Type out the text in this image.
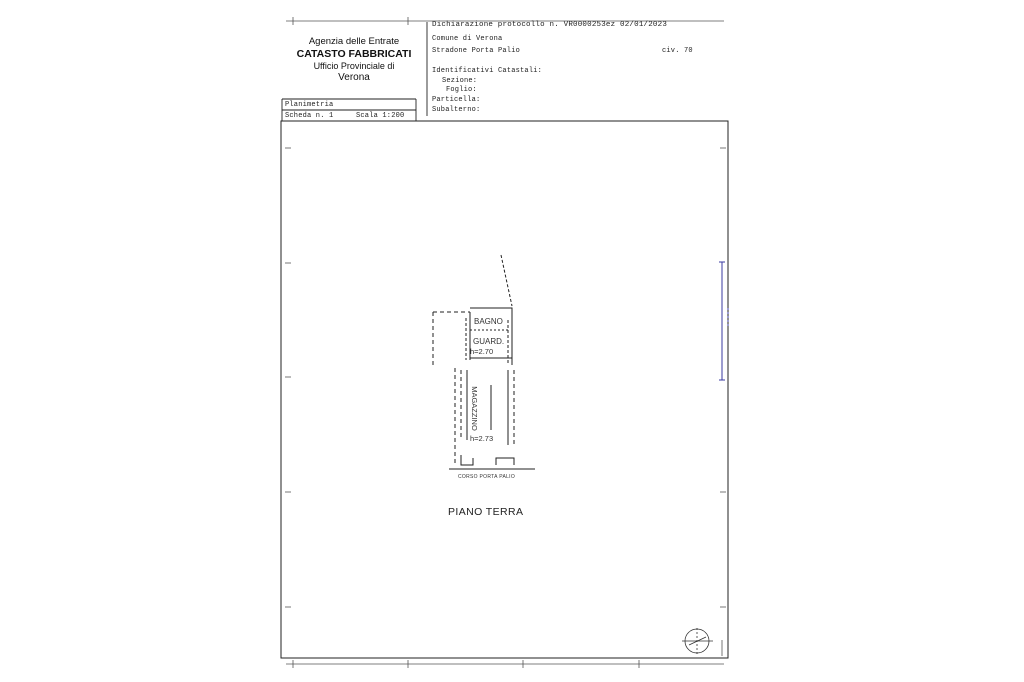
Agenzia delle Entrate
CATASTO FABBRICATI
Ufficio Provinciale di
Verona
Dichiarazione protocollo n. VR0000253ez 02/01/2023
Comune di Verona
Stradone Porta Palio	civ. 70
Identificativi Catastali:
Sezione:
Foglio:
Particella:
Subalterno:
Planimetria
Scheda n. 1	Scala 1:200
BAGNO
GUARD.
h=2.70
MAGAZZINO
h=2.73
CORSO PORTA PALIO
PIANO TERRA
